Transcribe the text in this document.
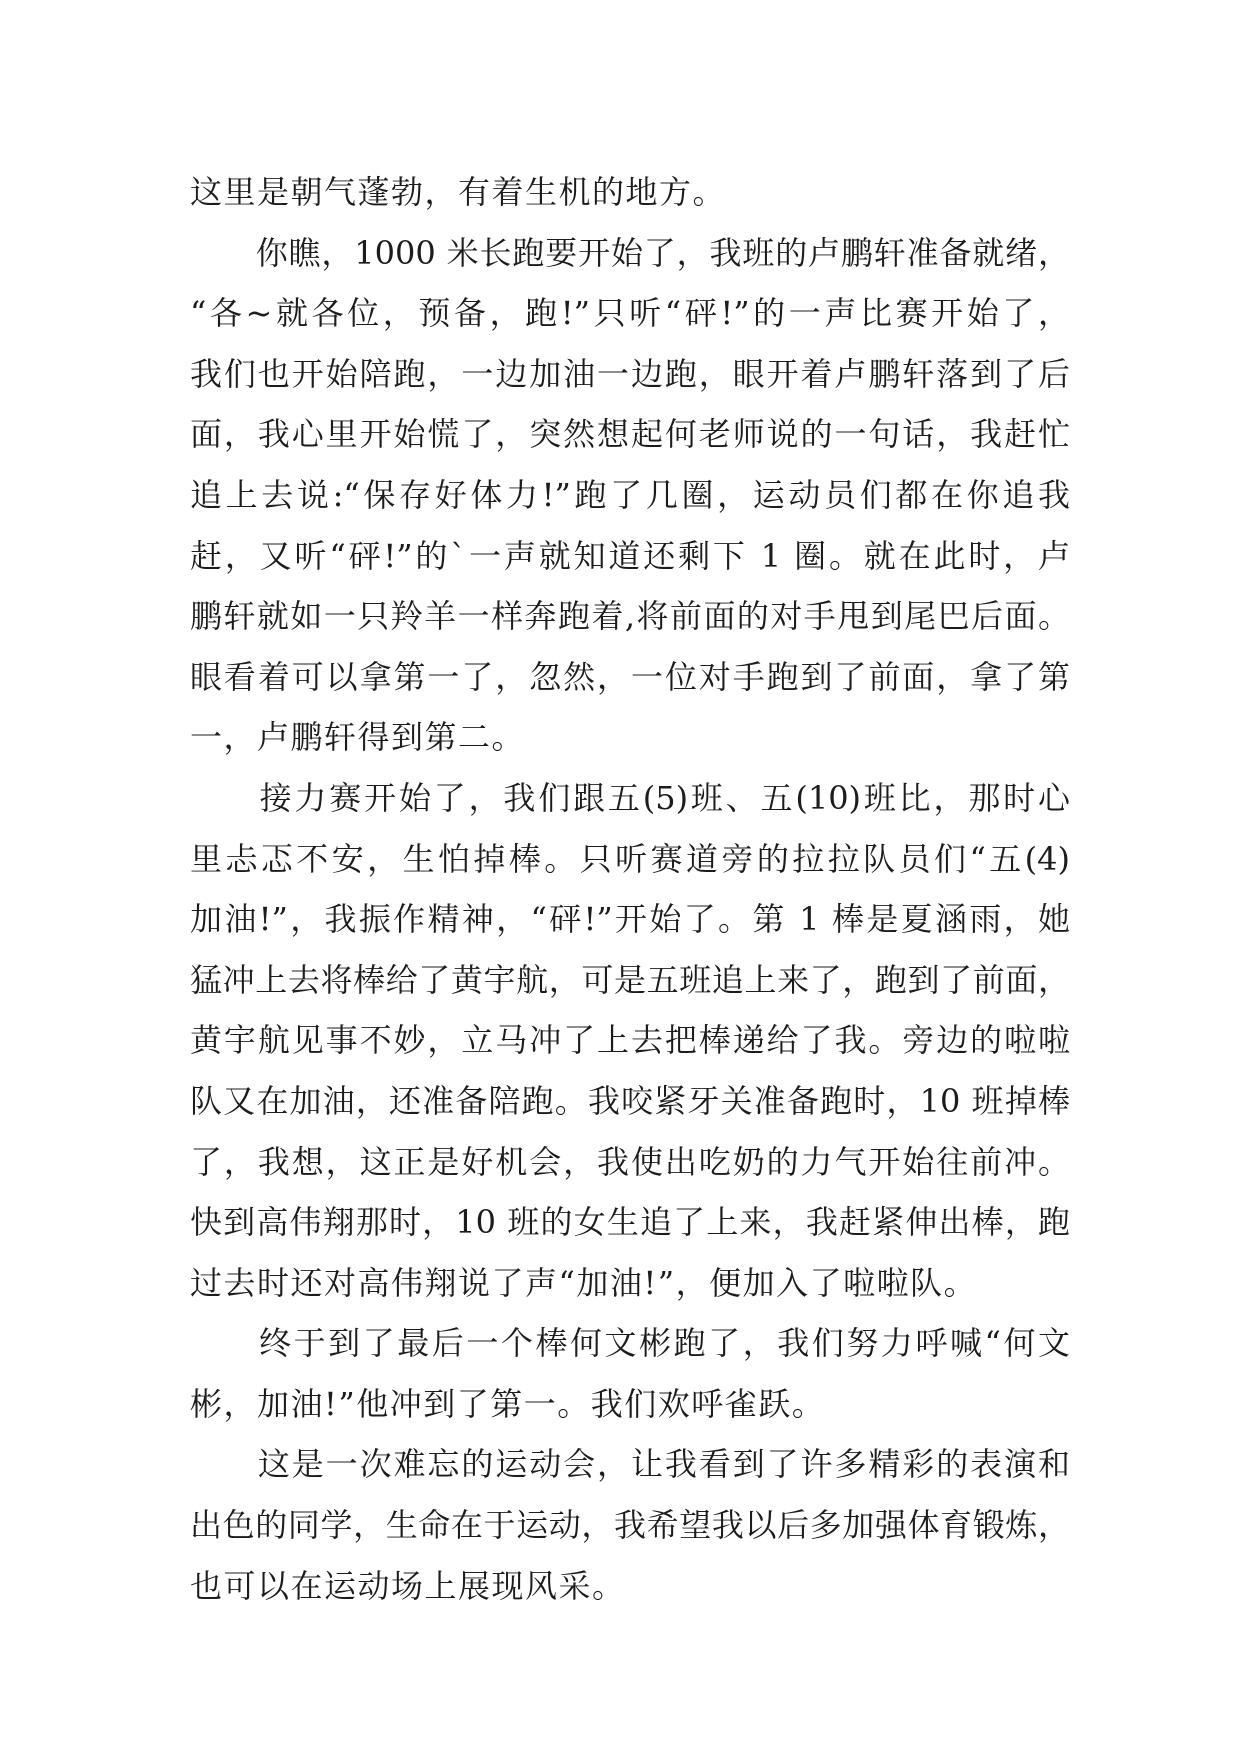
这里是朝气蓬勃，有着生机的地方。
　　你瞧，1000 米长跑要开始了，我班的卢鹏轩准备就绪，
“各~就各位，预备，跑!”只听“砰!”的一声比赛开始了，
我们也开始陪跑，一边加油一边跑，眼开着卢鹏轩落到了后
面，我心里开始慌了，突然想起何老师说的一句话，我赶忙
追上去说:“保存好体力!”跑了几圈，运动员们都在你追我
赶，又听“砰!”的`一声就知道还剩下 1 圈。就在此时，卢
鹏轩就如一只羚羊一样奔跑着,将前面的对手甩到尾巴后面。
眼看着可以拿第一了，忽然，一位对手跑到了前面，拿了第
一，卢鹏轩得到第二。
　　接力赛开始了，我们跟五(5)班、五(10)班比，那时心
里忐忑不安，生怕掉棒。只听赛道旁的拉拉队员们“五(4)
加油!”，我振作精神，“砰!”开始了。第 1 棒是夏涵雨，她
猛冲上去将棒给了黄宇航，可是五班追上来了，跑到了前面，
黄宇航见事不妙，立马冲了上去把棒递给了我。旁边的啦啦
队又在加油，还准备陪跑。我咬紧牙关准备跑时，10 班掉棒
了，我想，这正是好机会，我使出吃奶的力气开始往前冲。
快到高伟翔那时，10 班的女生追了上来，我赶紧伸出棒，跑
过去时还对高伟翔说了声“加油!”，便加入了啦啦队。
　　终于到了最后一个棒何文彬跑了，我们努力呼喊“何文
彬，加油!”他冲到了第一。我们欢呼雀跃。
　　这是一次难忘的运动会，让我看到了许多精彩的表演和
出色的同学，生命在于运动，我希望我以后多加强体育锻炼，
也可以在运动场上展现风采。
